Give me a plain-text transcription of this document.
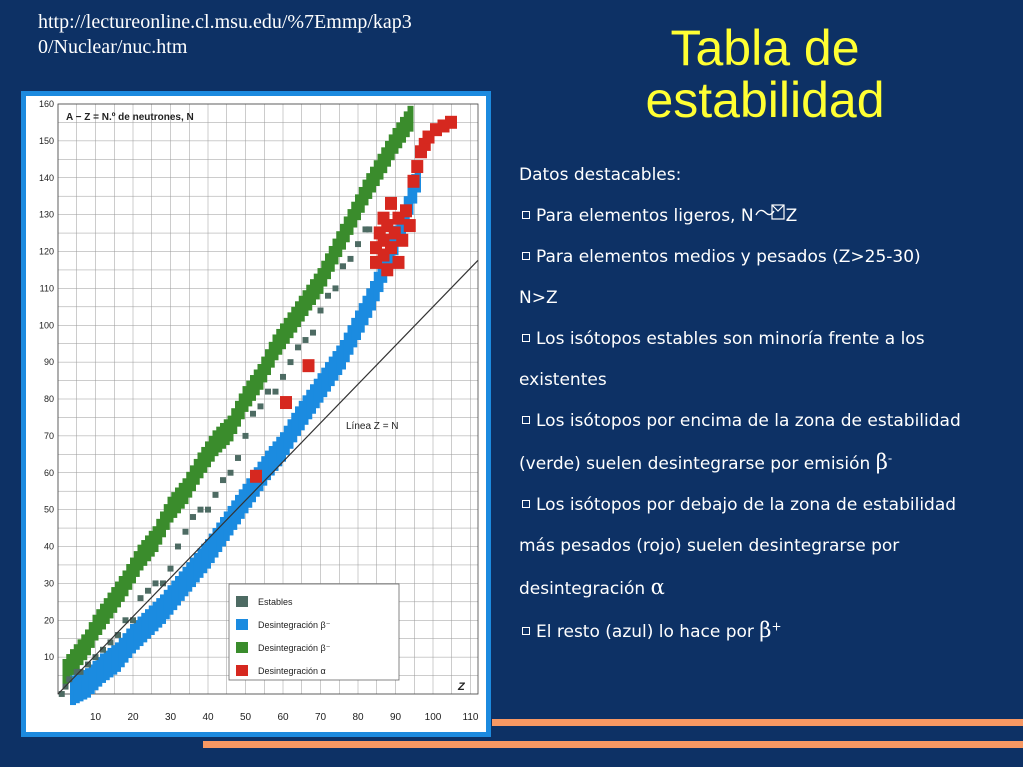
http://lectureonline.cl.msu.edu/%7Emmp/kap3
0/Nuclear/nuc.htm	Tabla de
estabilidad
Línea Z = N
A − Z = N.º de neutrones, N
Z
10
20
30
40
50
60
70
80
90
100
110
120
130
140
150
160
10	20	30	40	50	60	70	80	90 100 110
Estables
Desintegración β⁻
Desintegración β⁻
Desintegración α

Datos destacables:

Para elementos ligeros, N Z

Para elementos medios y pesados (Z>25-30)

N>Z

Los isótopos estables son minoría frente a los

existentes

Los isótopos por encima de la zona de estabilidad

(verde) suelen desintegrarse por emisión β-

Los isótopos por debajo de la zona de estabilidad

más pesados (rojo) suelen desintegrarse por

desintegración α

El resto (azul) lo hace por β+
